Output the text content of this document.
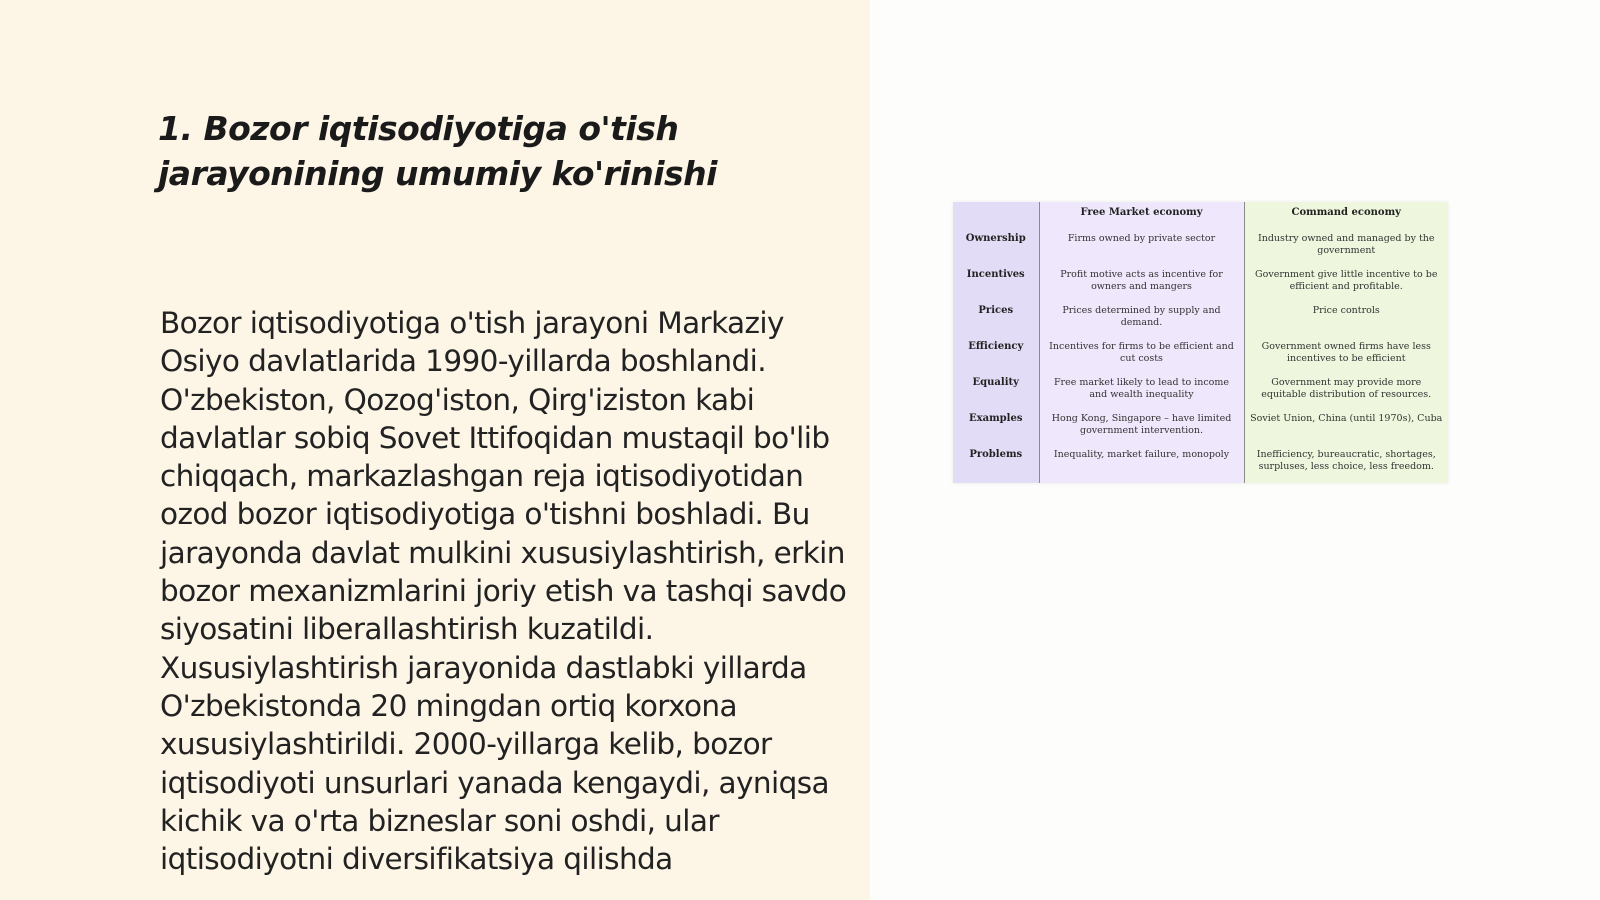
1. Bozor iqtisodiyotiga o'tish jarayonining umumiy ko'rinishi

Bozor iqtisodiyotiga o'tish jarayoni Markaziy Osiyo davlatlarida 1990-yillarda boshlandi. O'zbekiston, Qozog'iston, Qirg'iziston kabi davlatlar sobiq Sovet Ittifoqidan mustaqil bo'lib chiqqach, markazlashgan reja iqtisodiyotidan ozod bozor iqtisodiyotiga o'tishni boshladi. Bu jarayonda davlat mulkini xususiylashtirish, erkin bozor mexanizmlarini joriy etish va tashqi savdo siyosatini liberallashtirish kuzatildi. Xususiylashtirish jarayonida dastlabki yillarda O'zbekistonda 20 mingdan ortiq korxona xususiylashtirildi. 2000-yillarga kelib, bozor iqtisodiyoti unsurlari yanada kengaydi, ayniqsa kichik va o'rta bizneslar soni oshdi, ular iqtisodiyotni diversifikatsiya qilishda

	Free Market economy	Command economy
Ownership	Firms owned by private sector	Industry owned and managed by the government
Incentives	Profit motive acts as incentive for owners and mangers	Government give little incentive to be efficient and profitable.
Prices	Prices determined by supply and demand.	Price controls
Efficiency	Incentives for firms to be efficient and cut costs	Government owned firms have less incentives to be efficient
Equality	Free market likely to lead to income and wealth inequality	Government may provide more equitable distribution of resources.
Examples	Hong Kong, Singapore – have limited government intervention.	Soviet Union, China (until 1970s), Cuba
Problems	Inequality, market failure, monopoly	Inefficiency, bureaucratic, shortages, surpluses, less choice, less freedom.
